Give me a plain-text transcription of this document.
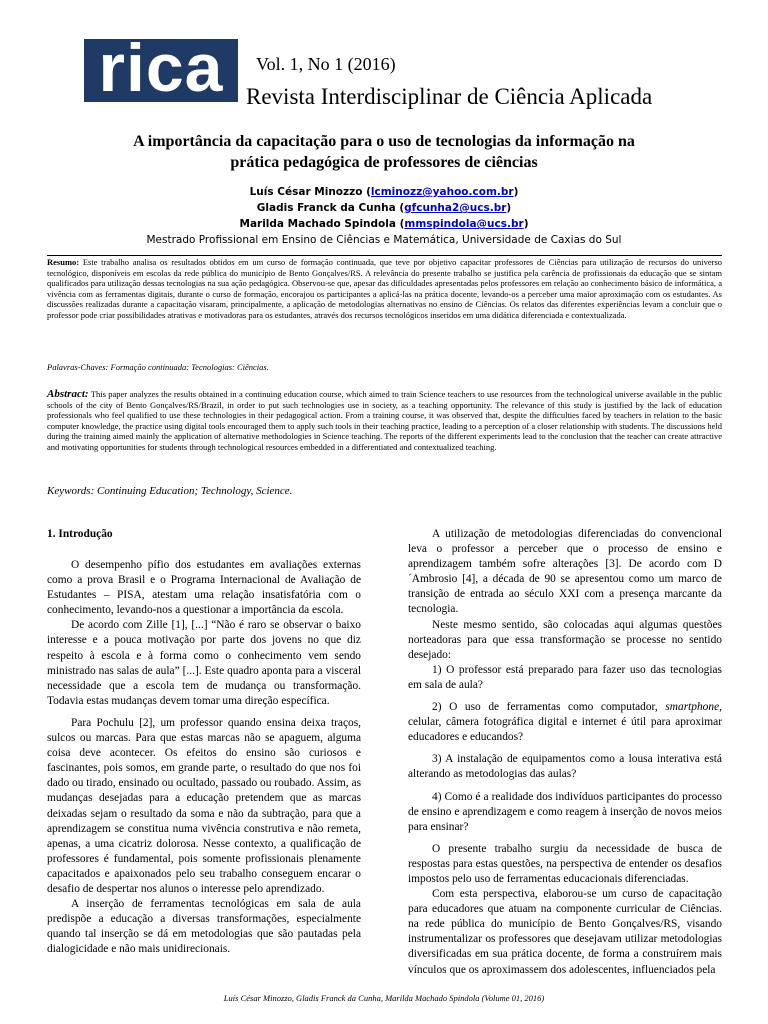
rica Vol. 1, No 1 (2016)
Revista Interdisciplinar de Ciência Aplicada
A importância da capacitação para o uso de tecnologias da informação na
prática pedagógica de professores de ciências
Luís César Minozzo (lcminozz@yahoo.com.br)
Gladis Franck da Cunha (gfcunha2@ucs.br)
Marilda Machado Spindola (mmspindola@ucs.br)
Mestrado Profissional em Ensino de Ciências e Matemática, Universidade de Caxias do Sul

Resumo: Este trabalho analisa os resultados obtidos em um curso de formação continuada, que teve por objetivo capacitar professores de Ciências para utilização de recursos do universo tecnológico, disponíveis em escolas da rede pública do município de Bento Gonçalves/RS. A relevância do presente trabalho se justifica pela carência de profissionais da educação que se sintam qualificados para utilização dessas tecnologias na sua ação pedagógica. Observou-se que, apesar das dificuldades apresentadas pelos professores em relação ao conhecimento básico de informática, a vivência com as ferramentas digitais, durante o curso de formação, encorajou os participantes a aplicá-las na prática docente, levando-os a perceber uma maior aproximação com os estudantes. As discussões realizadas durante a capacitação visaram, principalmente, a aplicação de metodologias alternativas no ensino de Ciências. Os relatos das diferentes experiências levam a concluir que o professor pode criar possibilidades atrativas e motivadoras para os estudantes, através dos recursos tecnológicos inseridos em uma didática diferenciada e contextualizada.

Palavras-Chaves: Formação continuada: Tecnologias: Ciências.

Abstract: This paper analyzes the results obtained in a continuing education course, which aimed to train Science teachers to use resources from the technological universe available in the public schools of the city of Bento Gonçalves/RS/Brazil, in order to put such technologies use in society, as a teaching opportunity. The relevance of this study is justified by the lack of education professionals who feel qualified to use these technologies in their pedagogical action. From a training course, it was observed that, despite the difficulties faced by teachers in relation to the basic computer knowledge, the practice using digital tools encouraged them to apply such tools in their teaching practice, leading to a perception of a closer relationship with students. The discussions held during the training aimed mainly the application of alternative methodologies in Science teaching. The reports of the different experiments lead to the conclusion that the teacher can create attractive and motivating opportunities for students through technological resources embedded in a differentiated and contextualized teaching.

Keywords: Continuing Education; Technology, Science.

1. Introdução

O desempenho pífio dos estudantes em avaliações externas como a prova Brasil e o Programa Internacional de Avaliação de Estudantes – PISA, atestam uma relação insatisfatória com o conhecimento, levando-nos a questionar a importância da escola.

De acordo com Zille [1], [...] “Não é raro se observar o baixo interesse e a pouca motivação por parte dos jovens no que diz respeito à escola e à forma como o conhecimento vem sendo ministrado nas salas de aula” [...]. Este quadro aponta para a visceral necessidade que a escola tem de mudança ou transformação. Todavia estas mudanças devem tomar uma direção específica.

Para Pochulu [2], um professor quando ensina deixa traços, sulcos ou marcas. Para que estas marcas não se apaguem, alguma coisa deve acontecer. Os efeitos do ensino são curiosos e fascinantes, pois somos, em grande parte, o resultado do que nos foi dado ou tirado, ensinado ou ocultado, passado ou roubado. Assim, as mudanças desejadas para a educação pretendem que as marcas deixadas sejam o resultado da soma e não da subtração, para que a aprendizagem se constitua numa vivência construtiva e não remeta, apenas, a uma cicatriz dolorosa. Nesse contexto, a qualificação de professores é fundamental, pois somente profissionais plenamente capacitados e apaixonados pelo seu trabalho conseguem encarar o desafio de despertar nos alunos o interesse pelo aprendizado.

A inserção de ferramentas tecnológicas em sala de aula predispõe a educação a diversas transformações, especialmente quando tal inserção se dá em metodologias que são pautadas pela dialogicidade e não mais unidirecionais.

A utilização de metodologias diferenciadas do convencional leva o professor a perceber que o processo de ensino e aprendizagem também sofre alterações [3]. De acordo com D´Ambrosio [4], a década de 90 se apresentou como um marco de transição de entrada ao século XXI com a presença marcante da tecnologia.

Neste mesmo sentido, são colocadas aqui algumas questões norteadoras para que essa transformação se processe no sentido desejado:

1) O professor está preparado para fazer uso das tecnologias em sala de aula?

2) O uso de ferramentas como computador, smartphone, celular, câmera fotográfica digital e internet é útil para aproximar educadores e educandos?

3) A instalação de equipamentos como a lousa interativa está alterando as metodologias das aulas?

4) Como é a realidade dos indivíduos participantes do processo de ensino e aprendizagem e como reagem à inserção de novos meios para ensinar?

O presente trabalho surgiu da necessidade de busca de respostas para estas questões, na perspectiva de entender os desafios impostos pelo uso de ferramentas educacionais diferenciadas.

Com esta perspectiva, elaborou-se um curso de capacitação para educadores que atuam na componente curricular de Ciências. na rede pública do município de Bento Gonçalves/RS, visando instrumentalizar os professores que desejavam utilizar metodologias diversificadas em sua prática docente, de forma a construírem mais vínculos que os aproximassem dos adolescentes, influenciados pela

Luís César Minozzo, Gladis Franck da Cunha, Marilda Machado Spindola (Volume 01, 2016)
